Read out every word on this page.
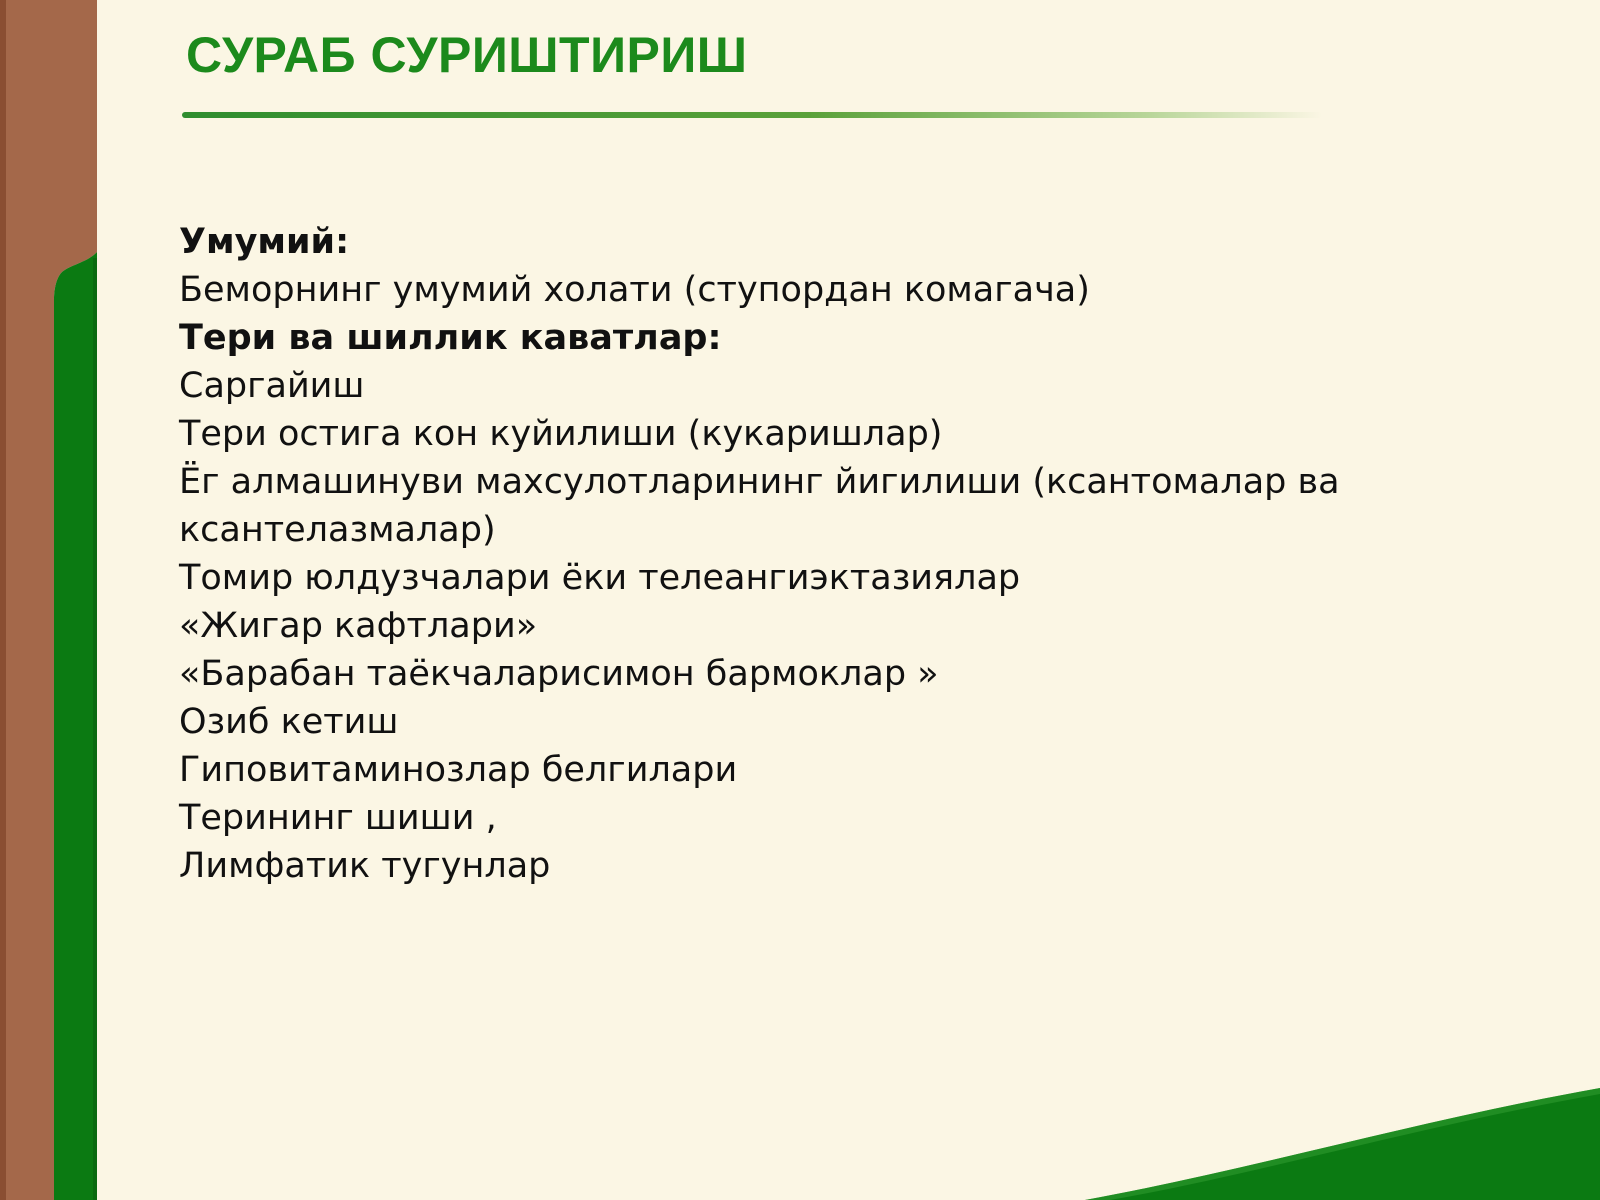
СУРАБ СУРИШТИРИШ

Умумий:

Беморнинг умумий холати (ступордан комагача)

Тери ва шиллик каватлар:

Саргайиш

Тери остига кон куйилиши (кукаришлар)

Ёг алмашинуви махсулотларининг йигилиши (ксантомалар ва ксантелазмалар)

Томир юлдузчалари ёки телеангиэктазиялар

«Жигар кафтлари»

«Барабан таёкчаларисимон бармоклар »

Озиб кетиш

Гиповитаминозлар белгилари

Терининг шиши ,

Лимфатик тугунлар
